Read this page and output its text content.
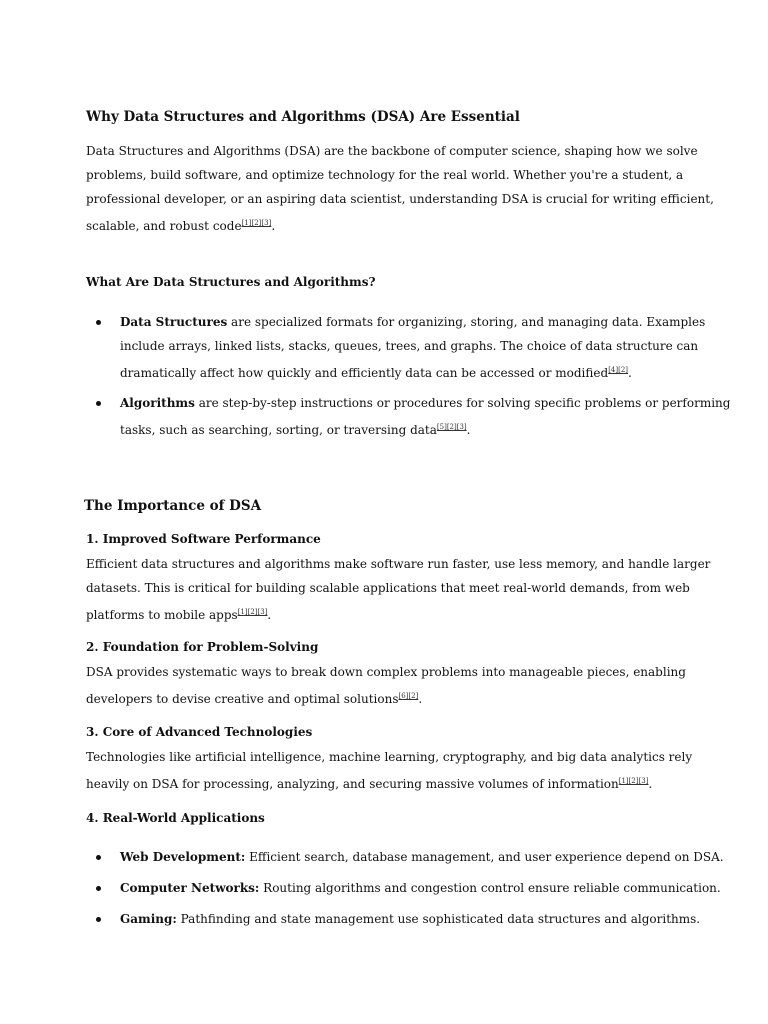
Why Data Structures and Algorithms (DSA) Are Essential

Data Structures and Algorithms (DSA) are the backbone of computer science, shaping how we solve
problems, build software, and optimize technology for the real world. Whether you're a student, a
professional developer, or an aspiring data scientist, understanding DSA is crucial for writing efficient,
scalable, and robust code[1][2][3].

What Are Data Structures and Algorithms?
Data Structures are specialized formats for organizing, storing, and managing data. Examples
include arrays, linked lists, stacks, queues, trees, and graphs. The choice of data structure can
dramatically affect how quickly and efficiently data can be accessed or modified[4][2].
Algorithms are step-by-step instructions or procedures for solving specific problems or performing
tasks, such as searching, sorting, or traversing data[5][2][3].
The Importance of DSA
1. Improved Software Performance

Efficient data structures and algorithms make software run faster, use less memory, and handle larger
datasets. This is critical for building scalable applications that meet real-world demands, from web
platforms to mobile apps[1][2][3].

2. Foundation for Problem-Solving

DSA provides systematic ways to break down complex problems into manageable pieces, enabling
developers to devise creative and optimal solutions[6][2].

3. Core of Advanced Technologies

Technologies like artificial intelligence, machine learning, cryptography, and big data analytics rely
heavily on DSA for processing, analyzing, and securing massive volumes of information[1][2][3].

4. Real-World Applications
Web Development: Efficient search, database management, and user experience depend on DSA.
Computer Networks: Routing algorithms and congestion control ensure reliable communication.
Gaming: Pathfinding and state management use sophisticated data structures and algorithms.
